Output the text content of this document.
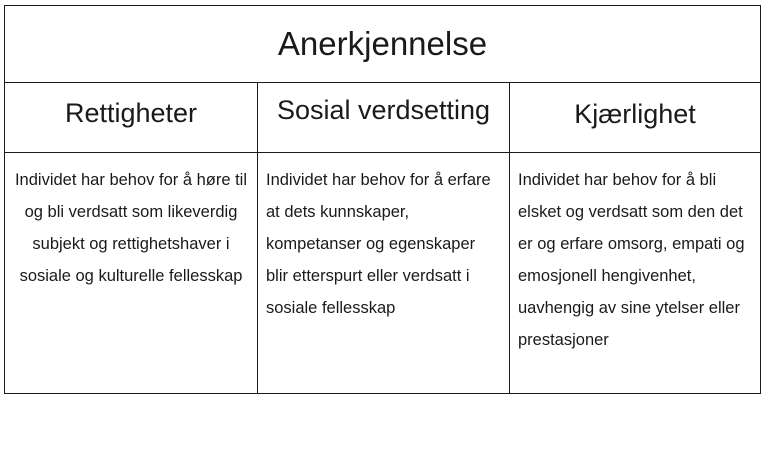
Anerkjennelse
Rettigheter
Individet har behov for å høre til og bli verdsatt som likeverdig subjekt og rettighetshaver i sosiale og kulturelle fellesskap
Sosial verdsetting
Individet har behov for å erfare at dets kunnskaper, kompetanser og egenskaper blir etterspurt eller verdsatt i sosiale fellesskap
Kjærlighet
Individet har behov for å bli elsket og verdsatt som den det er og erfare omsorg, empati og emosjonell hengivenhet, uavhengig av sine ytelser eller prestasjoner
